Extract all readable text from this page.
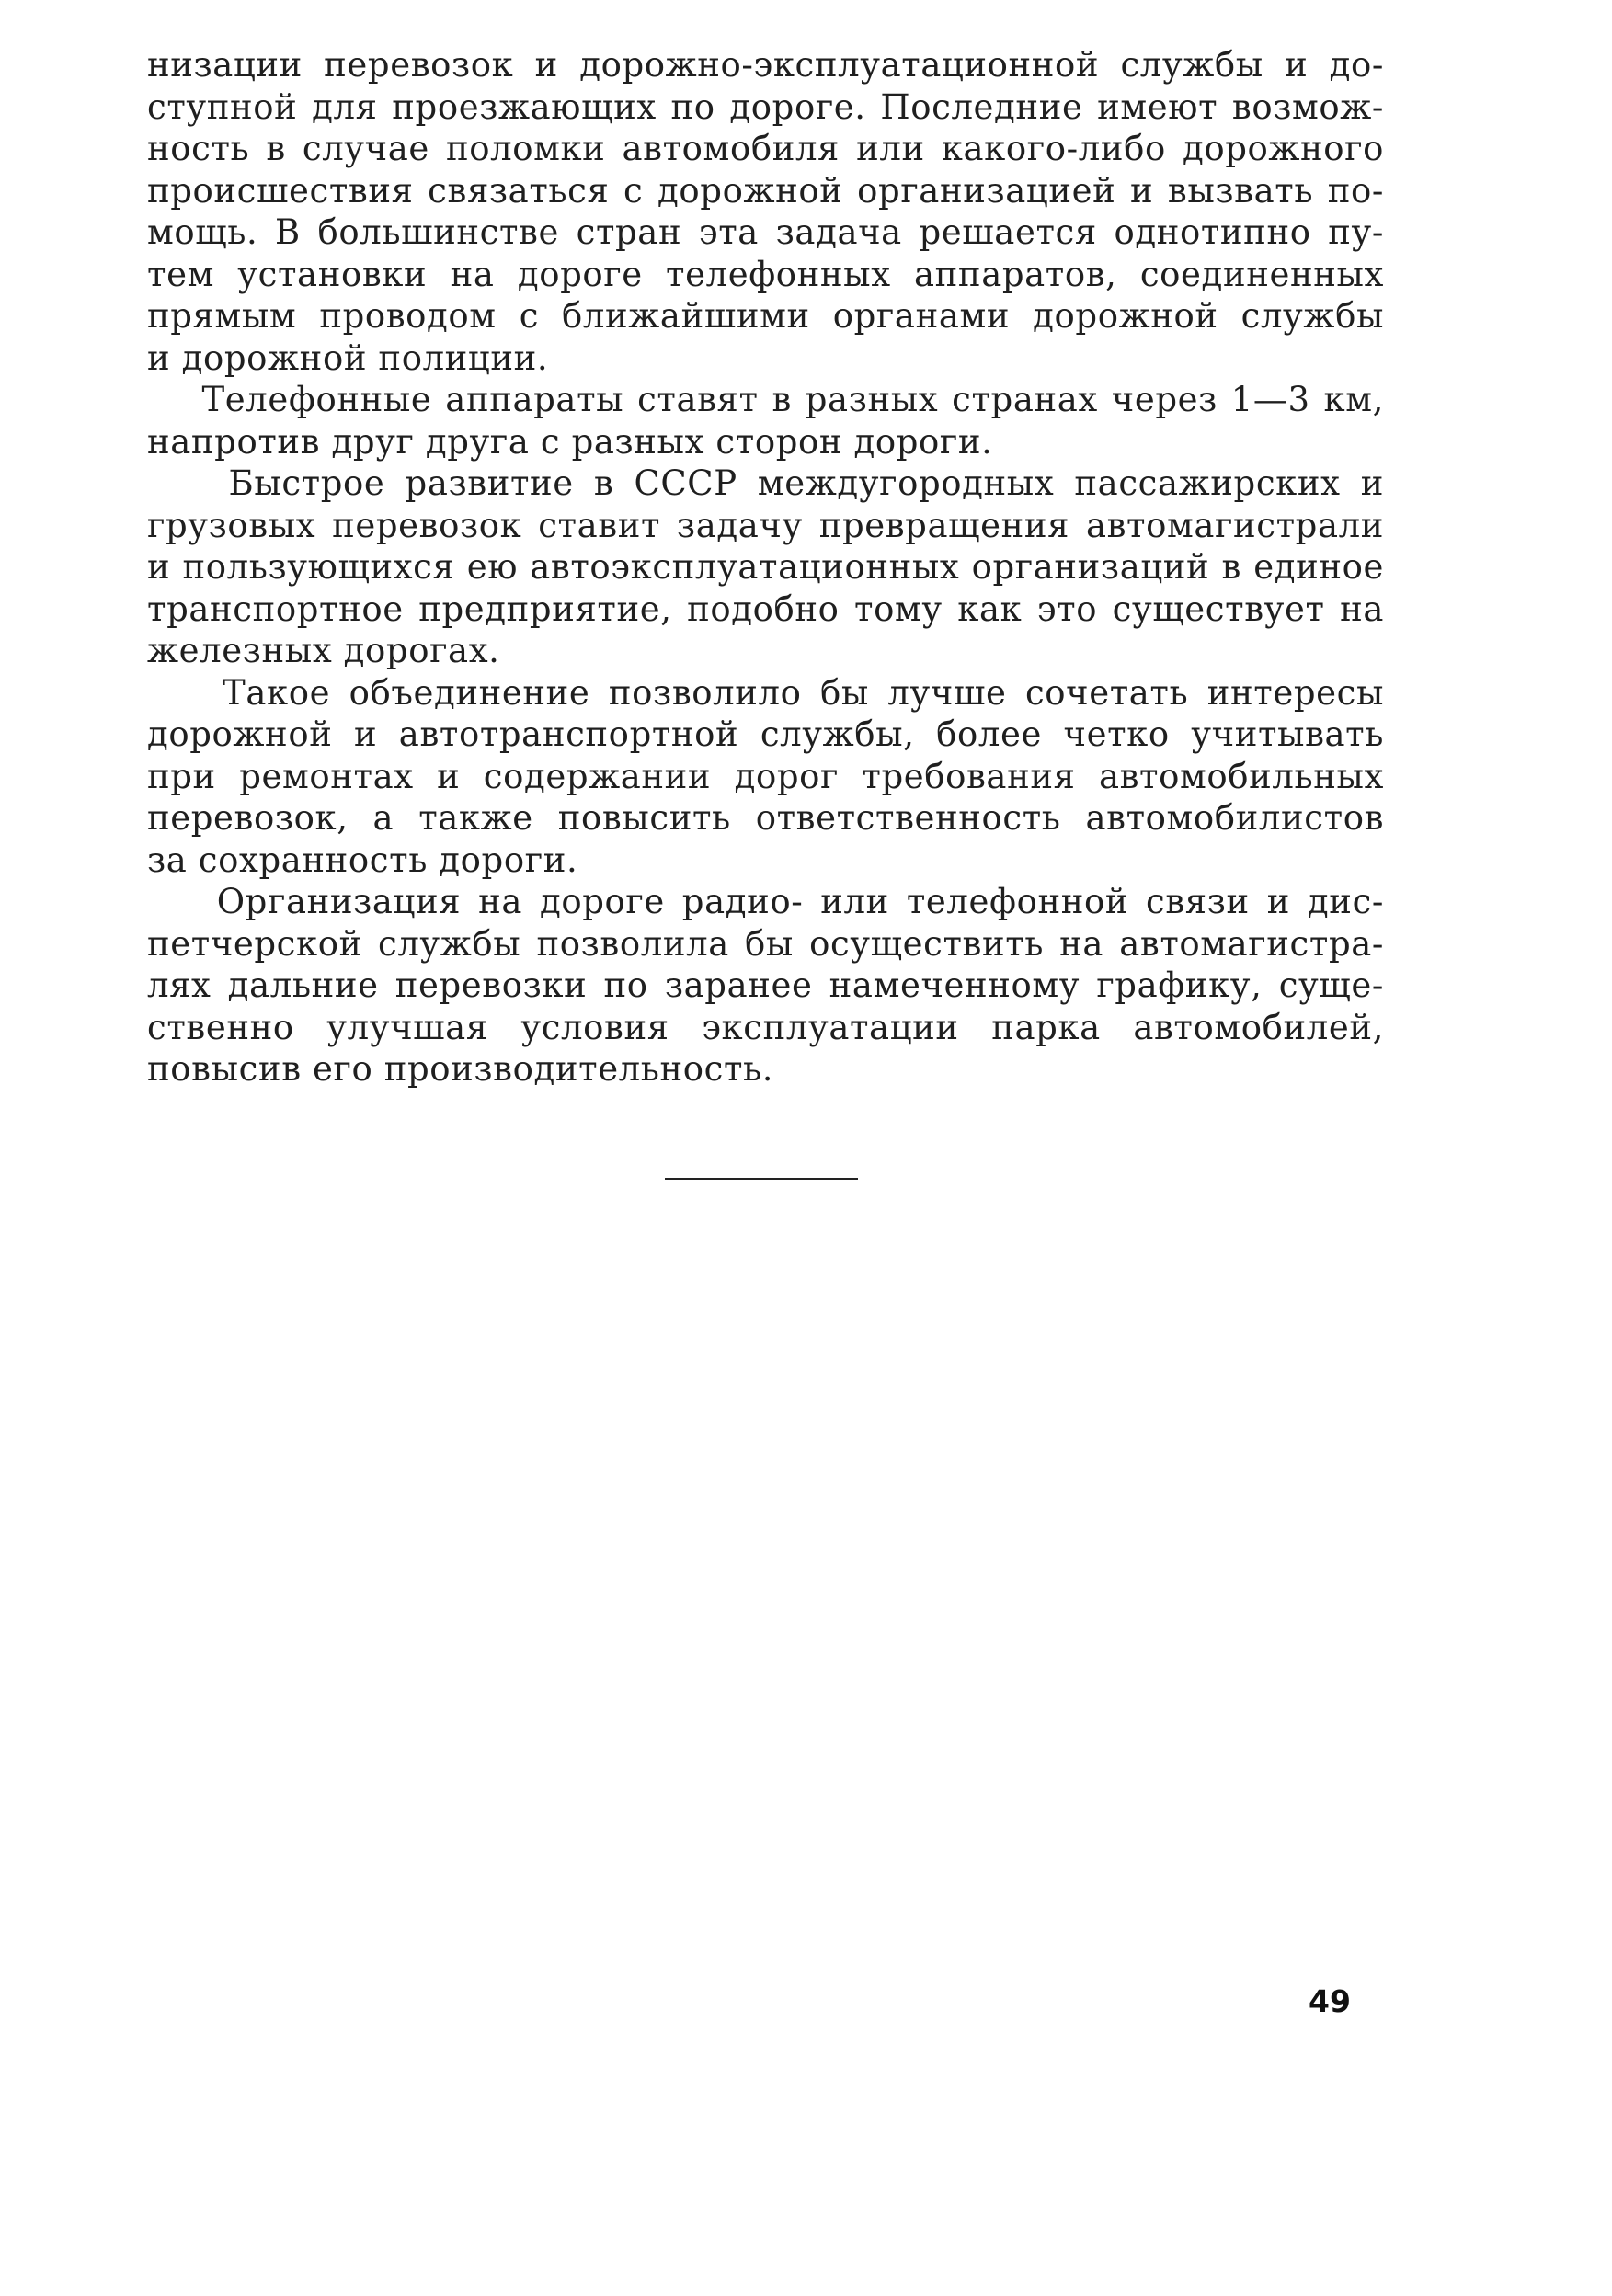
низации перевозок и дорожно-эксплуатационной службы и до-
ступной для проезжающих по дороге. Последние имеют возмож-
ность в случае поломки автомобиля или какого-либо дорожного
происшествия связаться с дорожной организацией и вызвать по-
мощь. В большинстве стран эта задача решается однотипно пу-
тем установки на дороге телефонных аппаратов, соединенных
прямым проводом с ближайшими органами дорожной службы
и дорожной полиции.
Телефонные аппараты ставят в разных странах через 1—3 км,
напротив друг друга с разных сторон дороги.
Быстрое развитие в СССР междугородных пассажирских и
грузовых перевозок ставит задачу превращения автомагистрали
и пользующихся ею автоэксплуатационных организаций в единое
транспортное предприятие, подобно тому как это существует на
железных дорогах.
Такое объединение позволило бы лучше сочетать интересы
дорожной и автотранспортной службы, более четко учитывать
при ремонтах и содержании дорог требования автомобильных
перевозок, а также повысить ответственность автомобилистов
за сохранность дороги.
Организация на дороге радио- или телефонной связи и дис-
петчерской службы позволила бы осуществить на автомагистра-
лях дальние перевозки по заранее намеченному графику, суще-
ственно улучшая условия эксплуатации парка автомобилей,
повысив его производительность.
49
